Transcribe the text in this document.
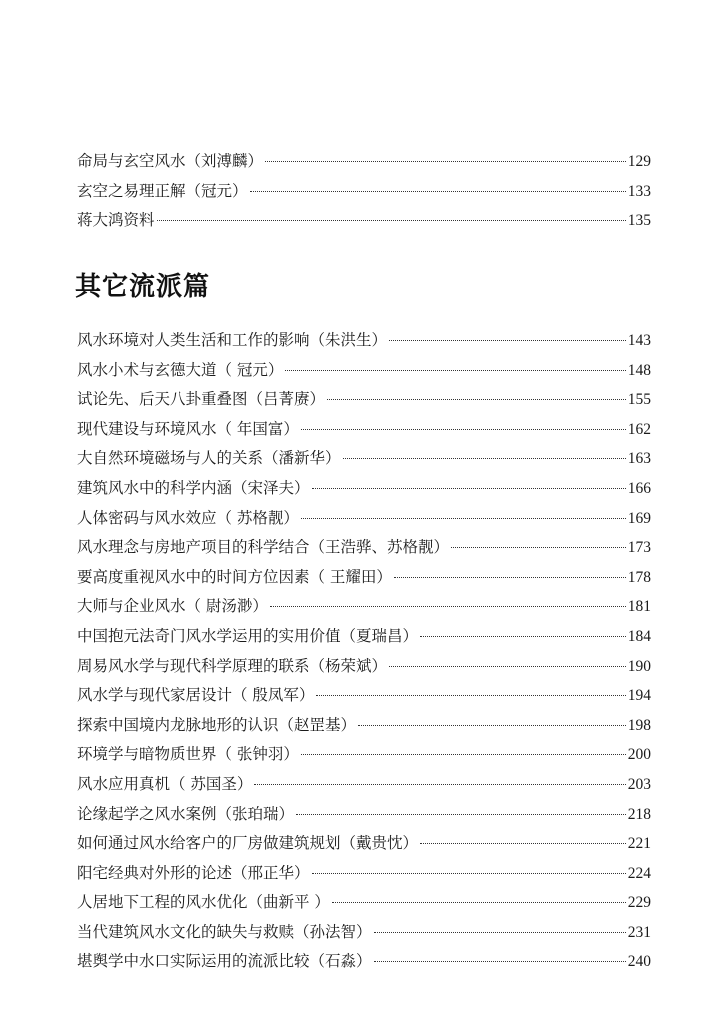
命局与玄空风水（刘溥麟）	129
玄空之易理正解（冠元）	133
蒋大鸿资料	135
其它流派篇
风水环境对人类生活和工作的影响（朱洪生）	143
风水小术与玄德大道（ 冠元）	148
试论先、后天八卦重叠图（吕菁赓）	155
现代建设与环境风水（ 年国富）	162
大自然环境磁场与人的关系（潘新华）	163
建筑风水中的科学内涵（宋泽夫）	166
人体密码与风水效应（ 苏格靓）	169
风水理念与房地产项目的科学结合（王浩骅、苏格靓）	173
要高度重视风水中的时间方位因素（ 王耀田）	178
大师与企业风水（ 尉汤渺）	181
中国抱元法奇门风水学运用的实用价值（夏瑞昌）	184
周易风水学与现代科学原理的联系（杨荣斌）	190
风水学与现代家居设计（ 殷凤军）	194
探索中国境内龙脉地形的认识（赵罡基）	198
环境学与暗物质世界（ 张钟羽）	200
风水应用真机（ 苏国圣）	203
论缘起学之风水案例（张珀瑞）	218
如何通过风水给客户的厂房做建筑规划（戴贵忱）	221
阳宅经典对外形的论述（邢正华）	224
人居地下工程的风水优化（曲新平 ）	229
当代建筑风水文化的缺失与救赎（孙法智）	231
堪舆学中水口实际运用的流派比较（石淼）	240
